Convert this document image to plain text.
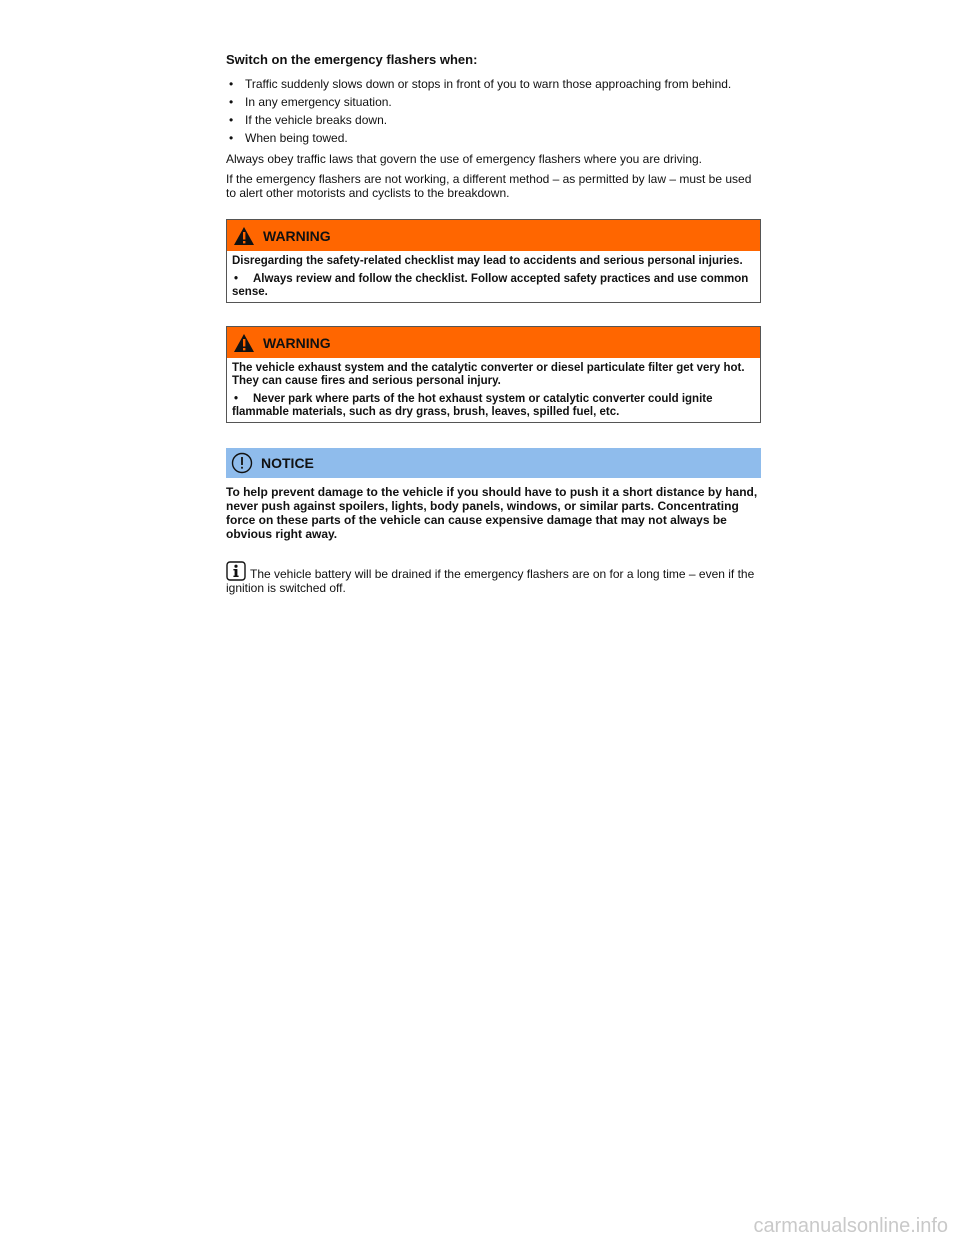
Switch on the emergency flashers when:
• Traffic suddenly slows down or stops in front of you to warn those approaching from behind.
• In any emergency situation.
• If the vehicle breaks down.
• When being towed.

Always obey traffic laws that govern the use of emergency flashers where you are driving.

If the emergency flashers are not working, a different method – as permitted by law – must be used to alert other motorists and cyclists to the breakdown.

WARNING
Disregarding the safety-related checklist may lead to accidents and serious personal injuries.
• Always review and follow the checklist. Follow accepted safety practices and use common sense.
WARNING
The vehicle exhaust system and the catalytic converter or diesel particulate filter get very hot. They can cause fires and serious personal injury.
• Never park where parts of the hot exhaust system or catalytic converter could ignite flammable materials, such as dry grass, brush, leaves, spilled fuel, etc.
NOTICE
To help prevent damage to the vehicle if you should have to push it a short distance by hand, never push against spoilers, lights, body panels, windows, or similar parts. Concentrating force on these parts of the vehicle can cause expensive damage that may not always be obvious right away.
The vehicle battery will be drained if the emergency flashers are on for a long time – even if the ignition is switched off.
carmanualsonline.info
